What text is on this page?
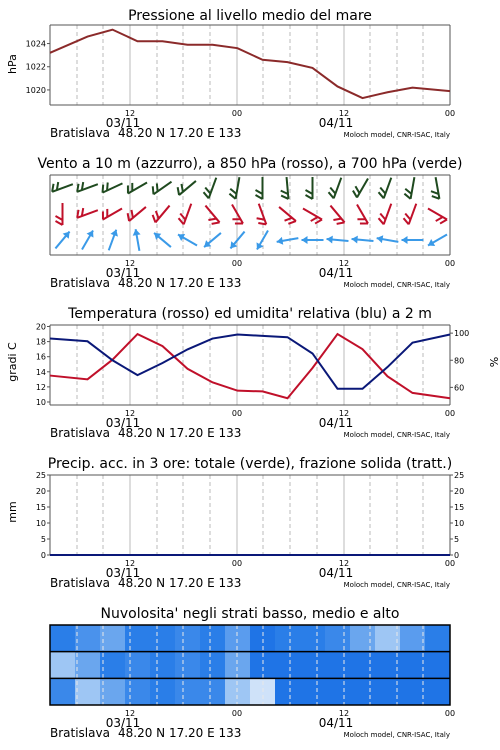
Pressione al livello medio del mare
hPa
1020
1022
1024
12	00	12	00
03/11	04/11
Bratislava 48.20 N 17.20 E 133	Moloch model, CNR-ISAC, Italy
Vento a 10 m (azzurro), a 850 hPa (rosso), a 700 hPa (verde)
12	00	12	00
03/11	04/11
Bratislava 48.20 N 17.20 E 133	Moloch model, CNR-ISAC, Italy
Temperatura (rosso) ed umidita' relativa (blu) a 2 m
gradi C	%
10
12
14
16
18
20
60
80
100
12	00	12	00
03/11	04/11
Bratislava 48.20 N 17.20 E 133	Moloch model, CNR-ISAC, Italy
Precip. acc. in 3 ore: totale (verde), frazione solida (tratt.)
mm
0
5
10
15
20
25
0
5
10
15
20
25
12	00	12	00
03/11	04/11
Bratislava 48.20 N 17.20 E 133	Moloch model, CNR-ISAC, Italy
Nuvolosita' negli strati basso, medio e alto
12	00	12	00
03/11	04/11
Bratislava 48.20 N 17.20 E 133	Moloch model, CNR-ISAC, Italy
